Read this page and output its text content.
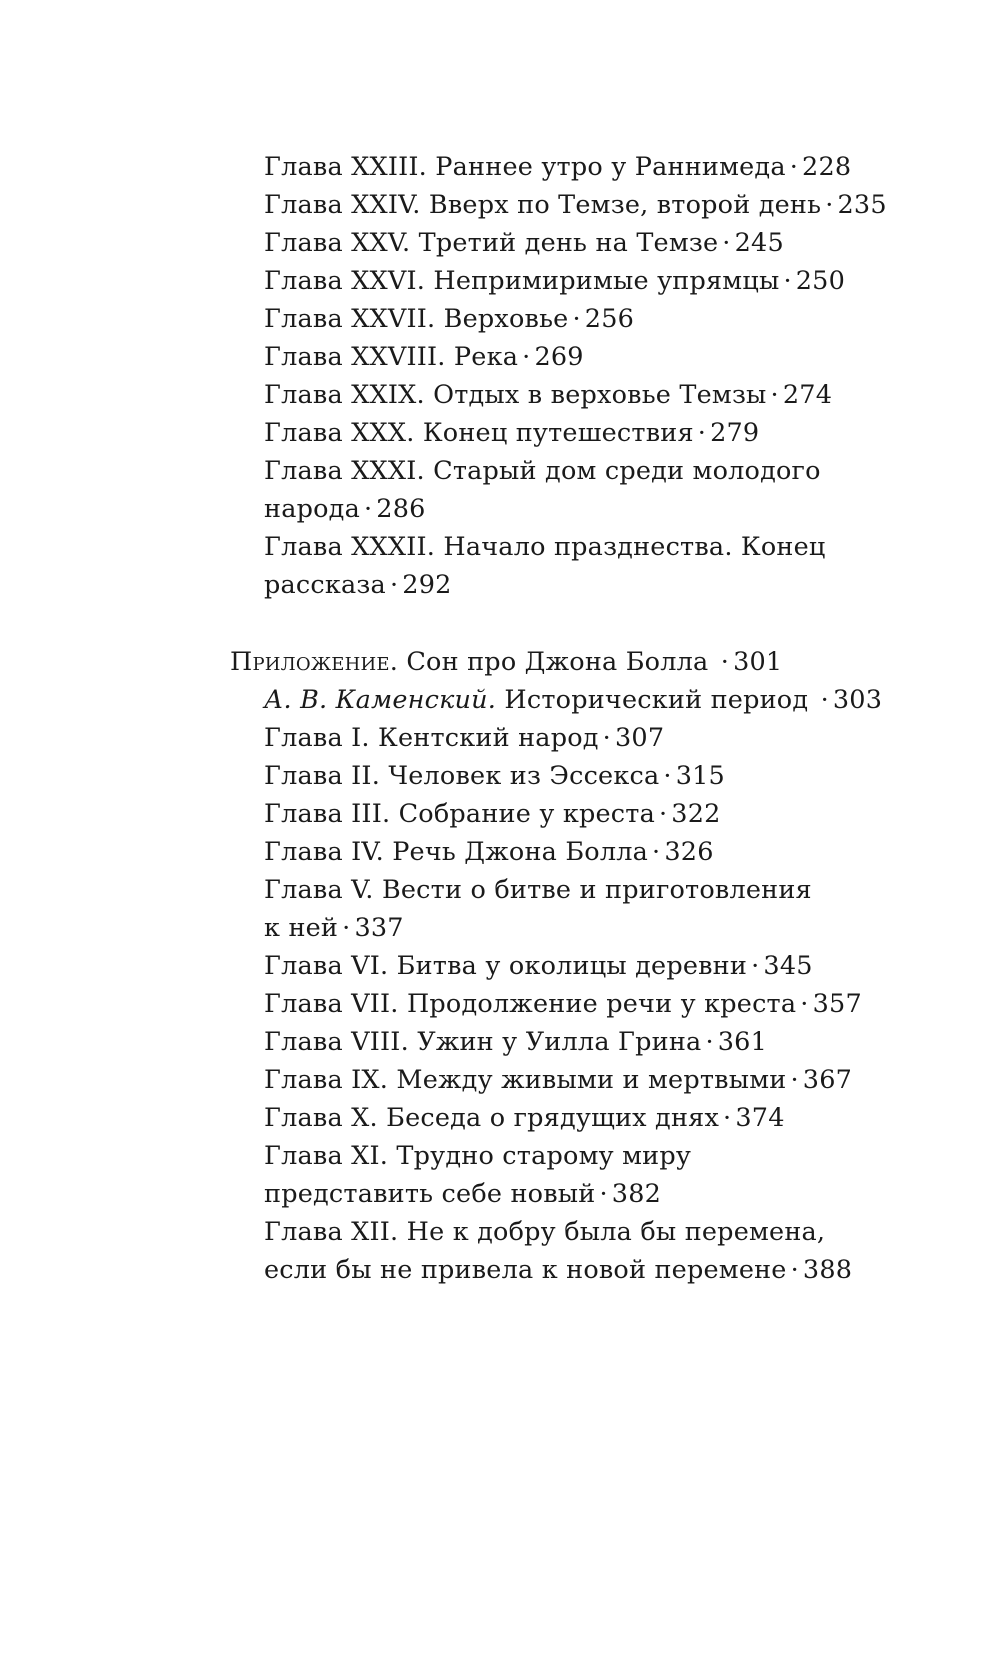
Глава XXIII. Раннее утро у Раннимеда · 228

Глава XXIV. Вверх по Темзе, второй день · 235

Глава XXV. Третий день на Темзе · 245

Глава XXVI. Непримиримые упрямцы · 250

Глава XXVII. Верховье · 256

Глава XXVIII. Река · 269

Глава XXIX. Отдых в верховье Темзы · 274

Глава XXX. Конец путешествия · 279

Глава XXXI. Старый дом среди молодого
народа · 286

Глава XXXII. Начало празднества. Конец
рассказа · 292

Приложение. Сон про Джона Болла · 301

А. В. Каменский. Исторический период · 303

Глава I. Кентский народ · 307

Глава II. Человек из Эссекса · 315

Глава III. Собрание у креста · 322

Глава IV. Речь Джона Болла · 326

Глава V. Вести о битве и приготовления
к ней · 337

Глава VI. Битва у околицы деревни · 345

Глава VII. Продолжение речи у креста · 357

Глава VIII. Ужин у Уилла Грина · 361

Глава IX. Между живыми и мертвыми · 367

Глава X. Беседа о грядущих днях · 374

Глава XI. Трудно старому миру
представить себе новый · 382

Глава XII. Не к добру была бы перемена,
если бы не привела к новой перемене · 388
